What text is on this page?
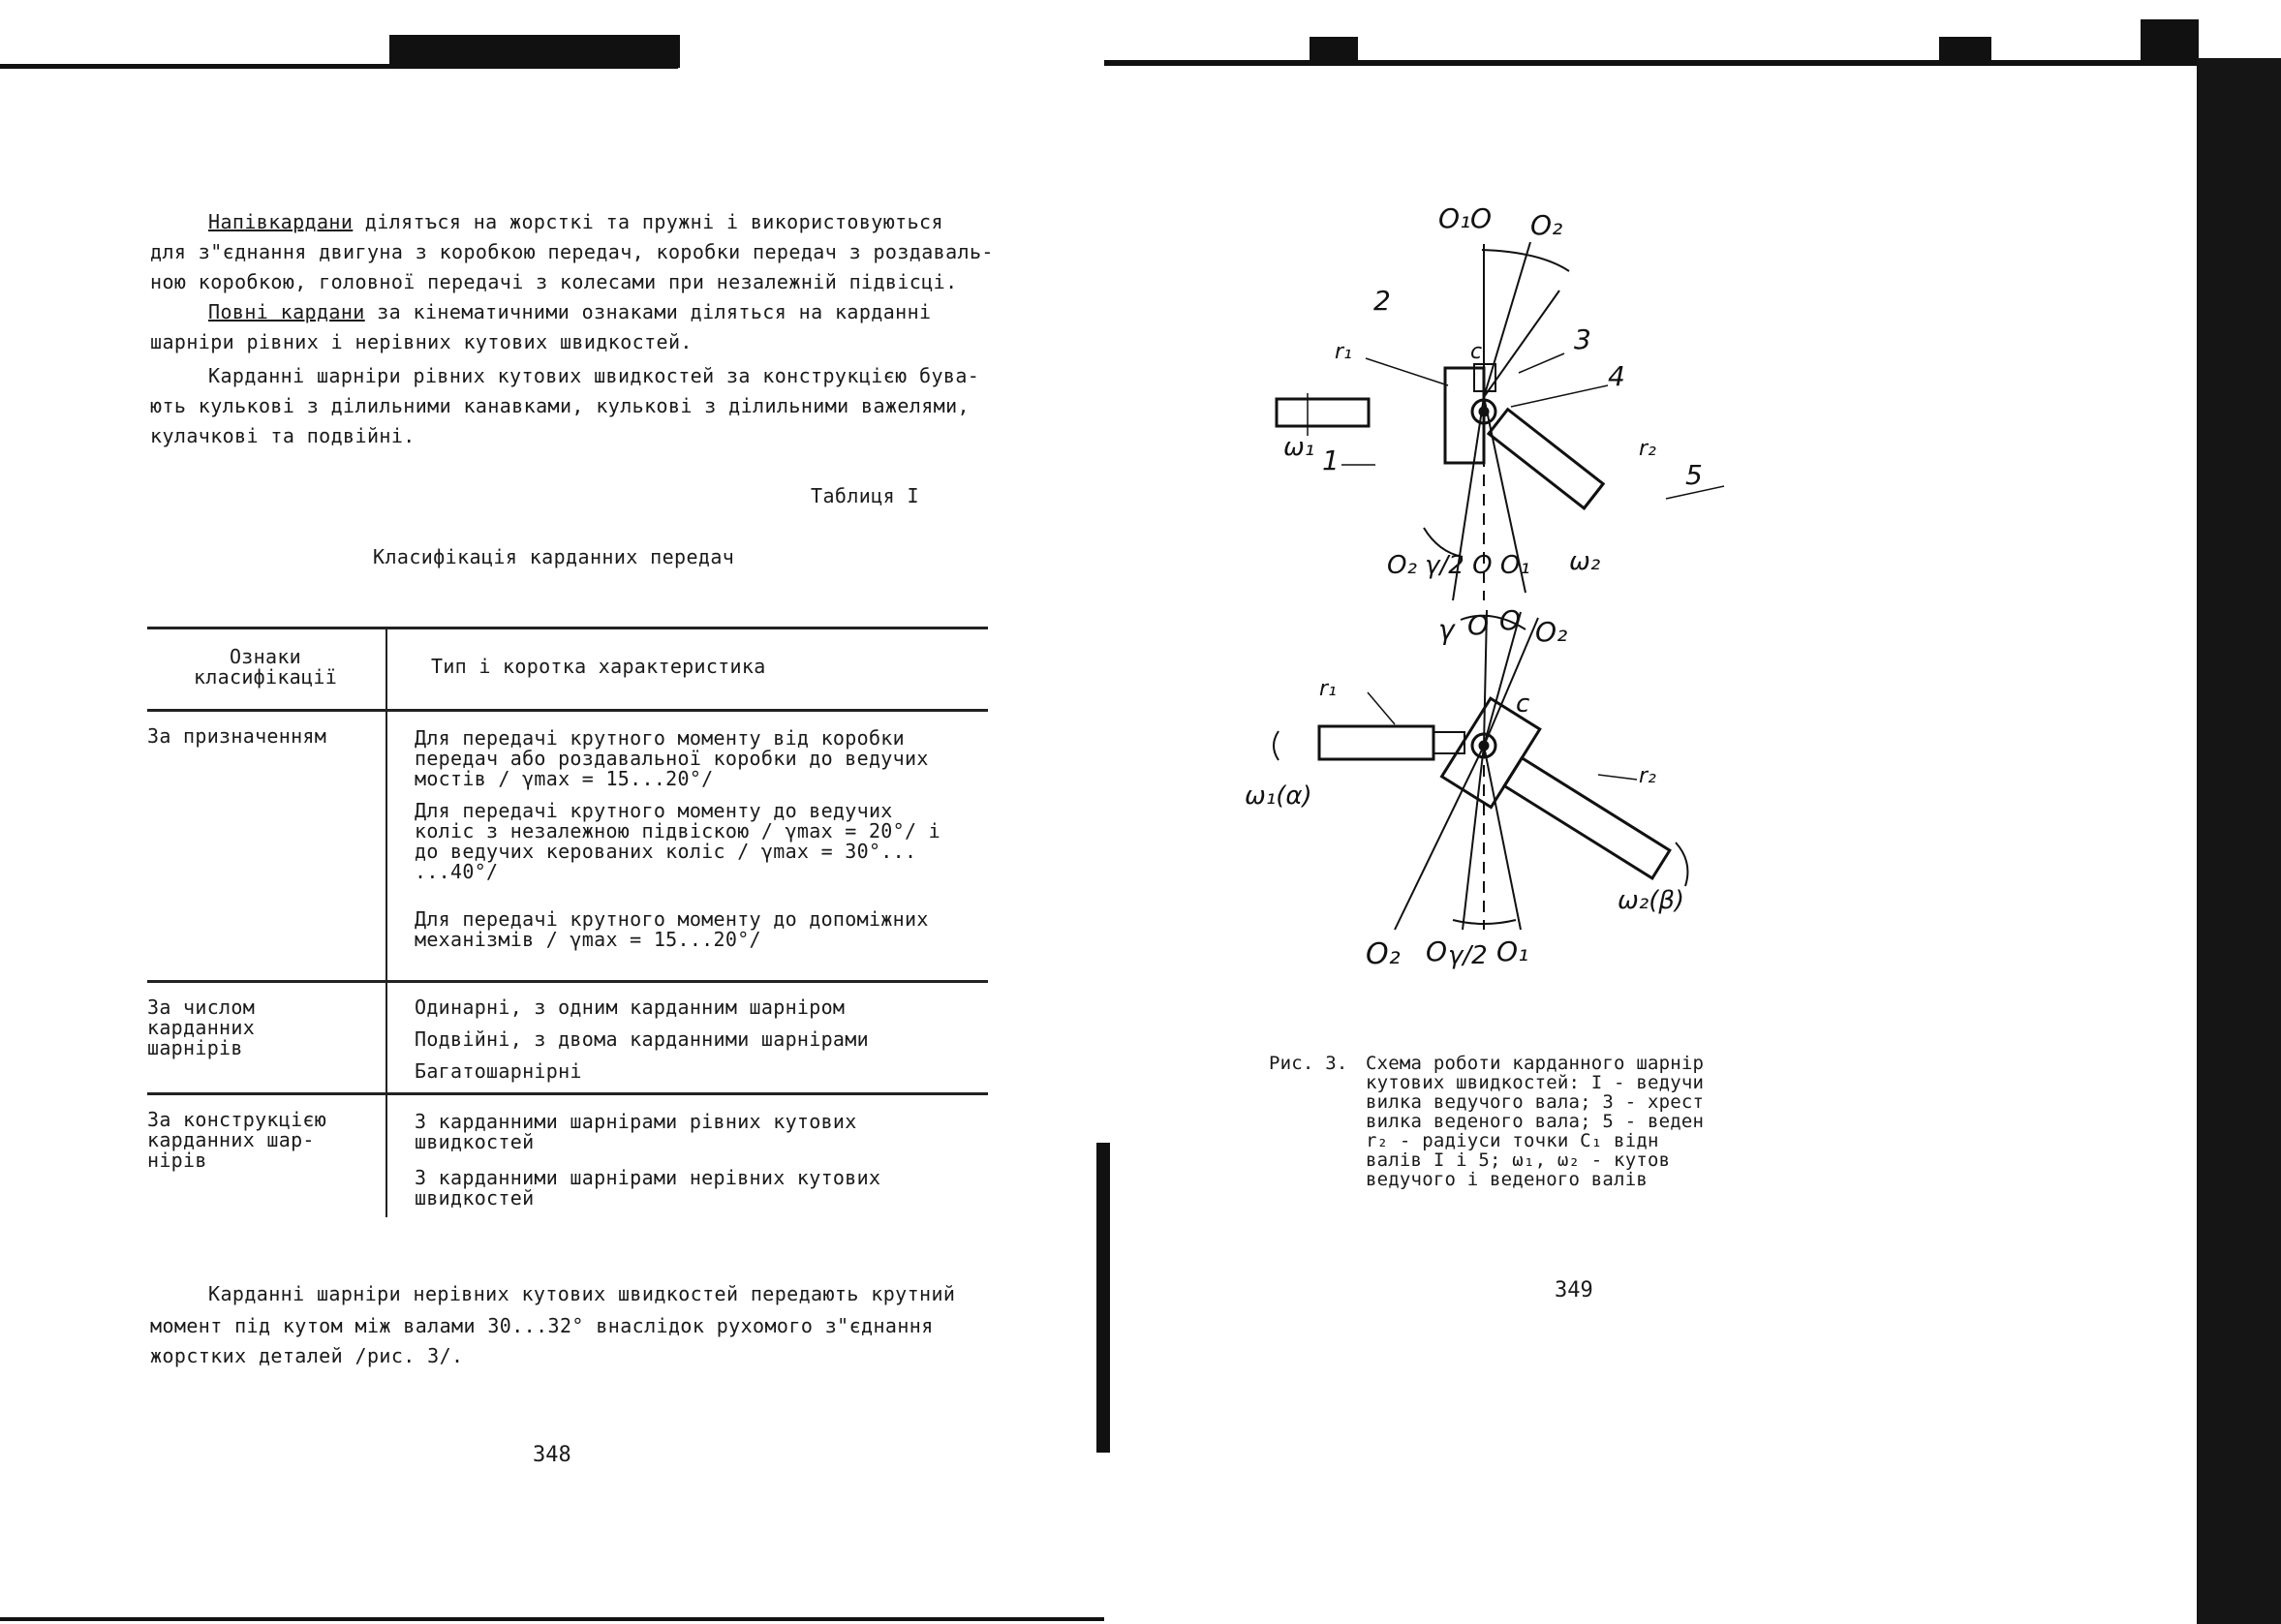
Напівкардани ділятъся на жорсткі та пружні і використовуються
для з"єднання двигуна з коробкою передач, коробки передач з роздаваль-
ною коробкою, головної передачі з колесами при незалежній підвісці.
Повні кардани за кінематичними ознаками діляться на карданні
шарніри рівних і нерівних кутових швидкостей.
Карданні шарніри рівних кутових швидкостей за конструкцією бува-
ють кулькові з ділильними канавками, кулькові з ділильними важелями,
кулачкові та подвійні.
Таблиця I
Класифікація карданних передач
Ознаки
класифікації	Тип і коротка характеристика
За призначенням	Для передачі крутного моменту від коробки
передач або роздавальної коробки до ведучих
мостів / γmax = 15...20°/

Для передачі крутного моменту до ведучих
коліс з незалежною підвіскою / γmax = 20°/ і
до ведучих керованих коліс / γmax = 30°...
...40°/

Для передачі крутного моменту до допоміжних
механізмів / γmax = 15...20°/

За числом
карданних
шарнірів

Одинарні, з одним карданним шарніром

Подвійні, з двома карданними шарнірами

Багатошарнірні

За конструкцією
карданних шар-
нірів

З карданними шарнірами рівних кутових
швидкостей

З карданними шарнірами нерівних кутових
швидкостей

Карданні шарніри нерівних кутових швидкостей передають крутний
момент під кутом між валами 30...32° внаслідок рухомого з"єднання
жорстких деталей /рис. 3/.
348
O₁ O O₂
2
3
4
5
1
r₁
r₂
c
ω₁
ω₂
O₂ γ/2 O O₁
γ O O O₂
c
r₁
r₂
ω₁(α)
ω₂(β)
O₂ O γ/2 O₁
Рис. 3. Схема роботи карданного шарнір
кутових швидкостей: I - ведучи
вилка ведучого вала; 3 - хрест
вилка веденого вала; 5 - веден
r₂ - радіуси точки C₁ відн
валів I і 5; ω₁, ω₂ - кутов
ведучого і веденого валів
349
